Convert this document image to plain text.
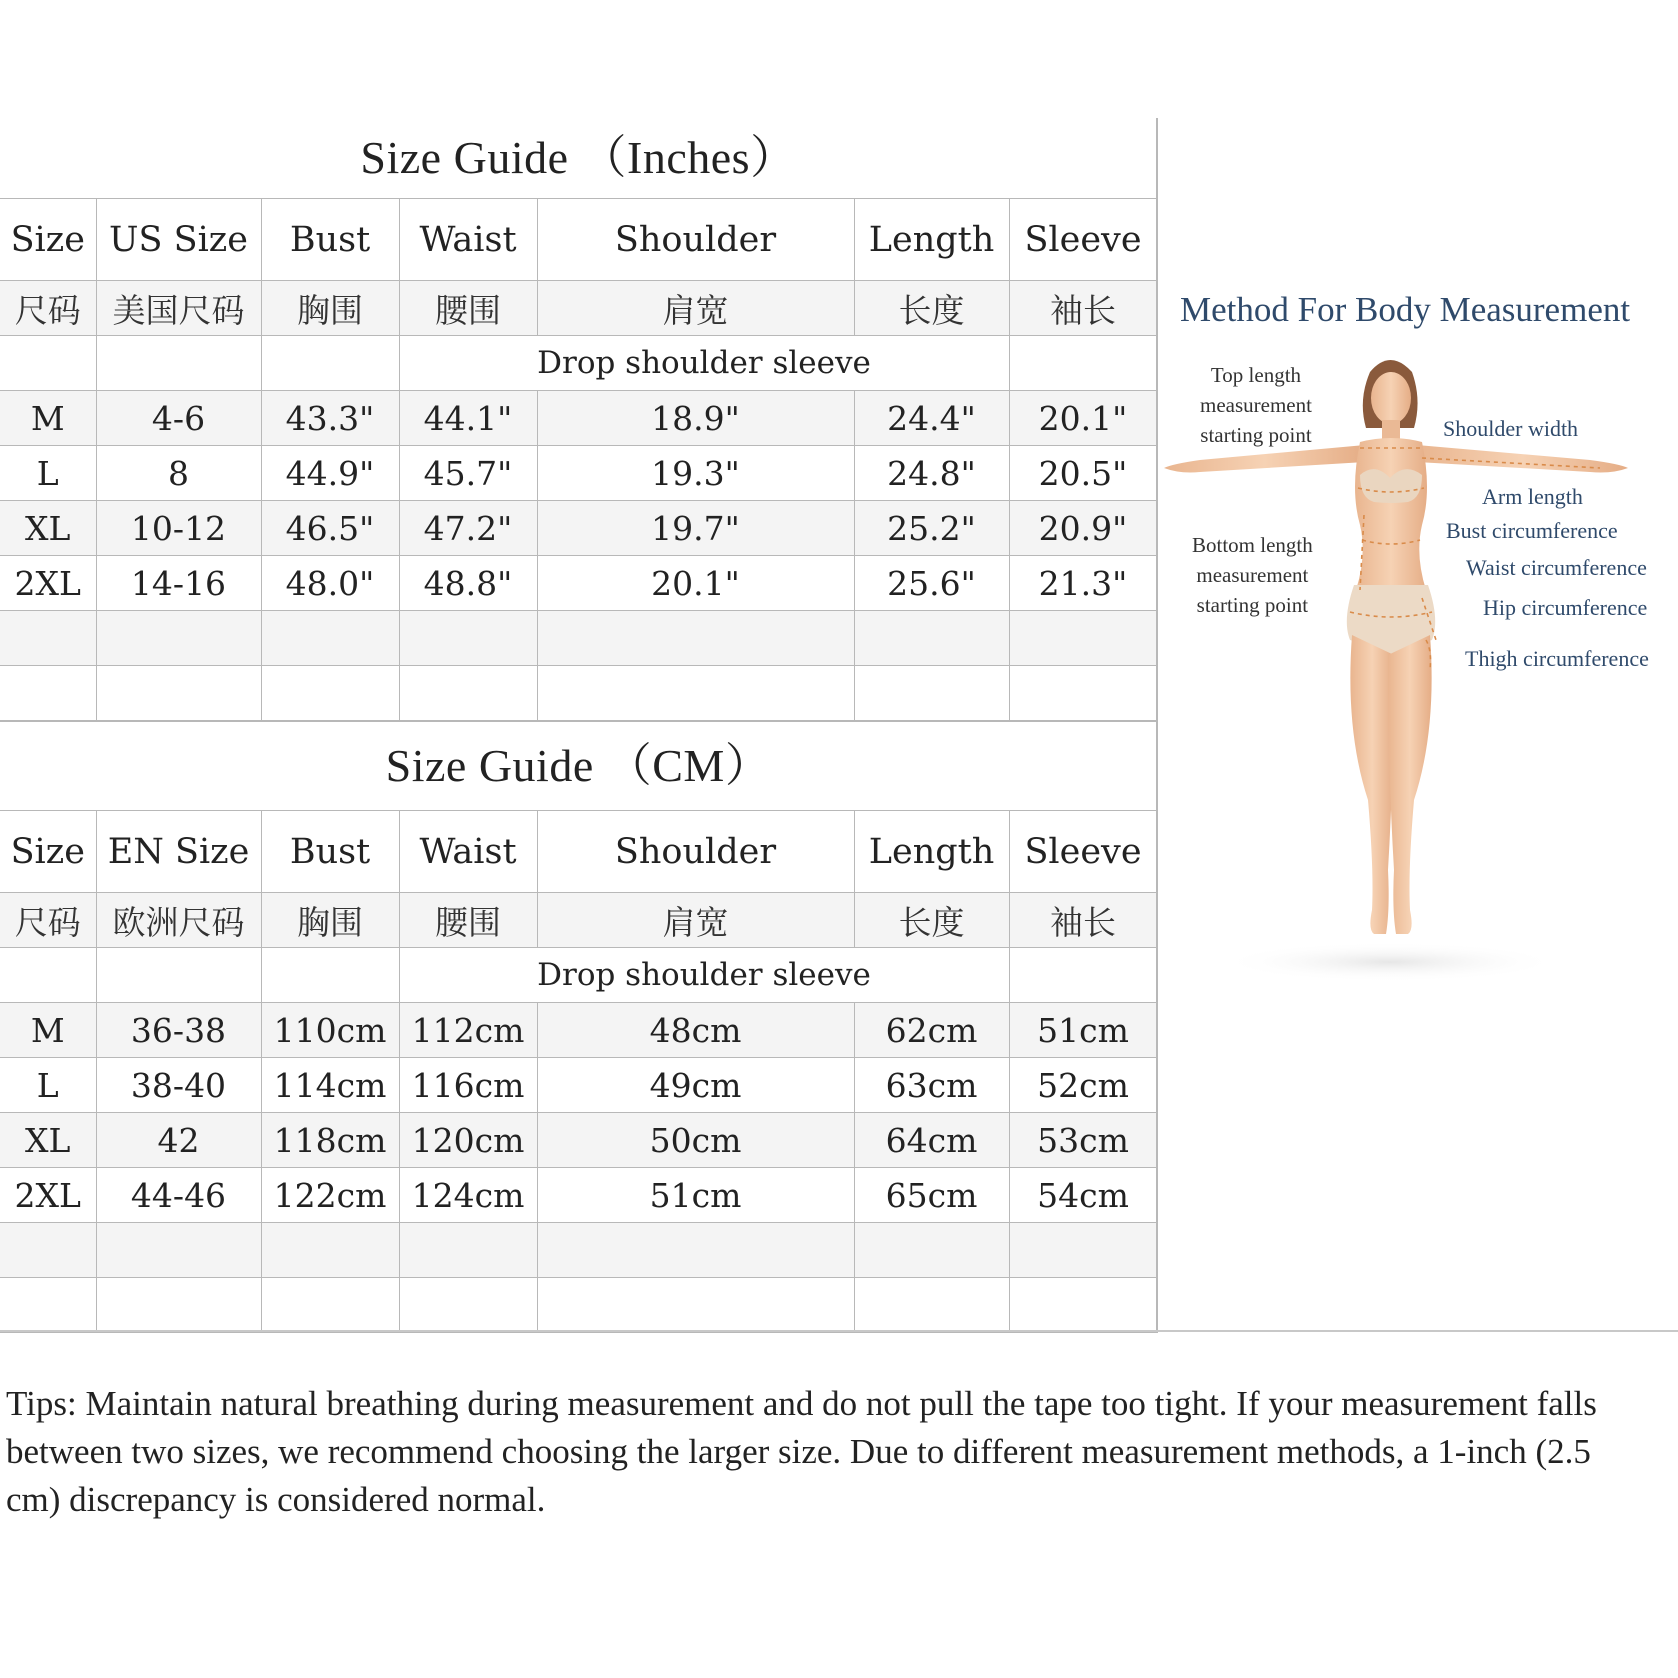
Size Guide （Inches）
Size	US Size	Bust	Waist	Shoulder	Length	Sleeve
尺码	美国尺码	胸围	腰围	肩宽	长度	袖长
			Drop shoulder sleeve			
M	4-6	43.3"	44.1"	18.9"	24.4"	20.1"
L	8	44.9"	45.7"	19.3"	24.8"	20.5"
XL	10-12	46.5"	47.2"	19.7"	25.2"	20.9"
2XL	14-16	48.0"	48.8"	20.1"	25.6"	21.3"

Size Guide （CM）
Size	EN Size	Bust	Waist	Shoulder	Length	Sleeve
尺码	欧洲尺码	胸围	腰围	肩宽	长度	袖长
			Drop shoulder sleeve			
M	36-38	110cm	112cm	48cm	62cm	51cm
L	38-40	114cm	116cm	49cm	63cm	52cm
XL	42	118cm	120cm	50cm	64cm	53cm
2XL	44-46	122cm	124cm	51cm	65cm	54cm

Method For Body Measurement
Top length
measurement
starting point
Bottom length
measurement
starting point
Shoulder width
Arm length
Bust circumference
Waist circumference
Hip circumference
Thigh circumference
Tips: Maintain natural breathing during measurement and do not pull the tape too tight. If your measurement falls between two sizes, we recommend choosing the larger size. Due to different measurement methods, a 1-inch (2.5 cm) discrepancy is considered normal.
